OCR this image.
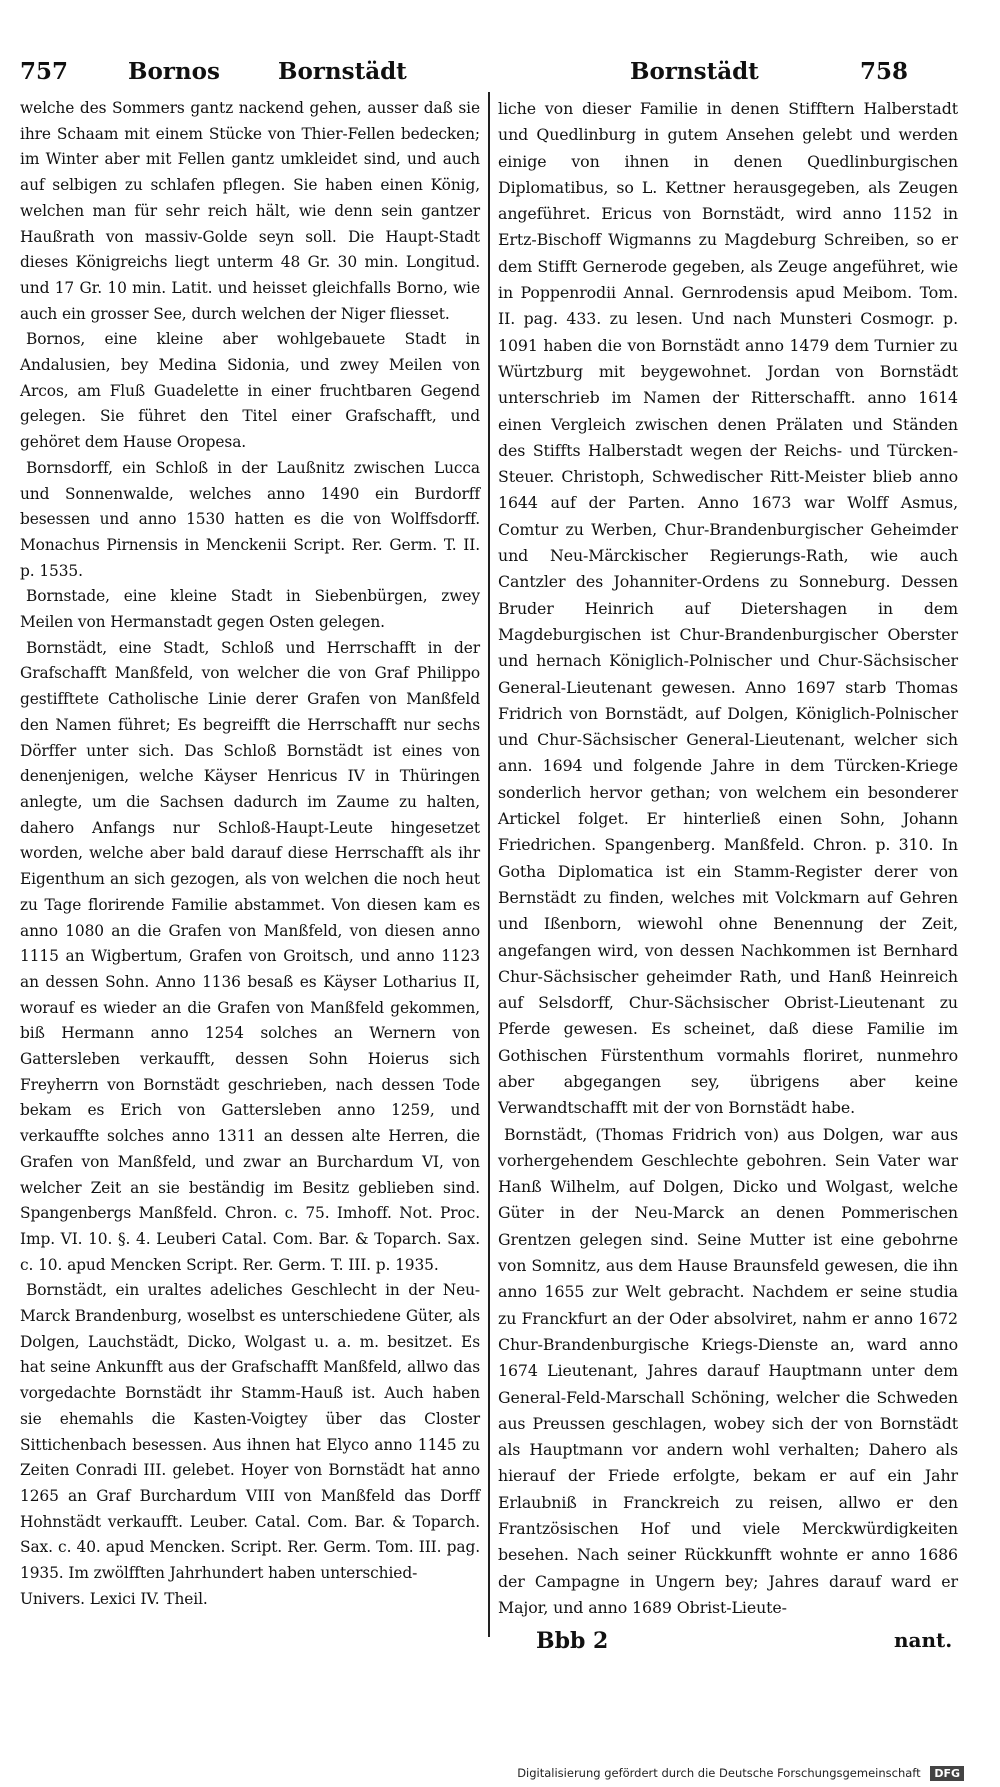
757	Bornos	Bornstädt	Bornstädt	758

welche des Sommers gantz nackend gehen, ausser daß sie ihre Schaam mit einem Stücke von Thier-Fellen bedecken; im Winter aber mit Fellen gantz umkleidet sind, und auch auf selbigen zu schlafen pflegen. Sie haben einen König, welchen man für sehr reich hält, wie denn sein gantzer Haußrath von massiv-Golde seyn soll. Die Haupt-Stadt dieses Königreichs liegt unterm 48 Gr. 30 min. Longitud. und 17 Gr. 10 min. Latit. und heisset gleichfalls Borno, wie auch ein grosser See, durch welchen der Niger fliesset.

Bornos, eine kleine aber wohlgebauete Stadt in Andalusien, bey Medina Sidonia, und zwey Meilen von Arcos, am Fluß Guadelette in einer fruchtbaren Gegend gelegen. Sie führet den Titel einer Grafschafft, und gehöret dem Hause Oropesa.

Bornsdorff, ein Schloß in der Laußnitz zwischen Lucca und Sonnenwalde, welches anno 1490 ein Burdorff besessen und anno 1530 hatten es die von Wolffsdorff. Monachus Pirnensis in Menckenii Script. Rer. Germ. T. II. p. 1535.

Bornstade, eine kleine Stadt in Siebenbürgen, zwey Meilen von Hermanstadt gegen Osten gelegen.

Bornstädt, eine Stadt, Schloß und Herrschafft in der Grafschafft Manßfeld, von welcher die von Graf Philippo gestifftete Catholische Linie derer Grafen von Manßfeld den Namen führet; Es begreifft die Herrschafft nur sechs Dörffer unter sich. Das Schloß Bornstädt ist eines von denenjenigen, welche Käyser Henricus IV in Thüringen anlegte, um die Sachsen dadurch im Zaume zu halten, dahero Anfangs nur Schloß-Haupt-Leute hingesetzet worden, welche aber bald darauf diese Herrschafft als ihr Eigenthum an sich gezogen, als von welchen die noch heut zu Tage florirende Familie abstammet. Von diesen kam es anno 1080 an die Grafen von Manßfeld, von diesen anno 1115 an Wigbertum, Grafen von Groitsch, und anno 1123 an dessen Sohn. Anno 1136 besaß es Käyser Lotharius II, worauf es wieder an die Grafen von Manßfeld gekommen, biß Hermann anno 1254 solches an Wernern von Gattersleben verkaufft, dessen Sohn Hoierus sich Freyherrn von Bornstädt geschrieben, nach dessen Tode bekam es Erich von Gattersleben anno 1259, und verkauffte solches anno 1311 an dessen alte Herren, die Grafen von Manßfeld, und zwar an Burchardum VI, von welcher Zeit an sie beständig im Besitz geblieben sind. Spangenbergs Manßfeld. Chron. c. 75. Imhoff. Not. Proc. Imp. VI. 10. §. 4. Leuberi Catal. Com. Bar. & Toparch. Sax. c. 10. apud Mencken Script. Rer. Germ. T. III. p. 1935.

Bornstädt, ein uraltes adeliches Geschlecht in der Neu-Marck Brandenburg, woselbst es unterschiedene Güter, als Dolgen, Lauchstädt, Dicko, Wolgast u. a. m. besitzet. Es hat seine Ankunfft aus der Grafschafft Manßfeld, allwo das vorgedachte Bornstädt ihr Stamm-Hauß ist. Auch haben sie ehemahls die Kasten-Voigtey über das Closter Sittichenbach besessen. Aus ihnen hat Elyco anno 1145 zu Zeiten Conradi III. gelebet. Hoyer von Bornstädt hat anno 1265 an Graf Burchardum VIII von Manßfeld das Dorff Hohnstädt verkaufft. Leuber. Catal. Com. Bar. & Toparch. Sax. c. 40. apud Mencken. Script. Rer. Germ. Tom. III. pag. 1935. Im zwölfften Jahrhundert haben unterschied-

Univers. Lexici IV. Theil.

liche von dieser Familie in denen Stifftern Halberstadt und Quedlinburg in gutem Ansehen gelebt und werden einige von ihnen in denen Quedlinburgischen Diplomatibus, so L. Kettner herausgegeben, als Zeugen angeführet. Ericus von Bornstädt, wird anno 1152 in Ertz-Bischoff Wigmanns zu Magdeburg Schreiben, so er dem Stifft Gernerode gegeben, als Zeuge angeführet, wie in Poppenrodii Annal. Gernrodensis apud Meibom. Tom. II. pag. 433. zu lesen. Und nach Munsteri Cosmogr. p. 1091 haben die von Bornstädt anno 1479 dem Turnier zu Würtzburg mit beygewohnet. Jordan von Bornstädt unterschrieb im Namen der Ritterschafft. anno 1614 einen Vergleich zwischen denen Prälaten und Ständen des Stiffts Halberstadt wegen der Reichs- und Türcken-Steuer. Christoph, Schwedischer Ritt-Meister blieb anno 1644 auf der Parten. Anno 1673 war Wolff Asmus, Comtur zu Werben, Chur-Brandenburgischer Geheimder und Neu-Märckischer Regierungs-Rath, wie auch Cantzler des Johanniter-Ordens zu Sonneburg. Dessen Bruder Heinrich auf Dietershagen in dem Magdeburgischen ist Chur-Brandenburgischer Oberster und hernach Königlich-Polnischer und Chur-Sächsischer General-Lieutenant gewesen. Anno 1697 starb Thomas Fridrich von Bornstädt, auf Dolgen, Königlich-Polnischer und Chur-Sächsischer General-Lieutenant, welcher sich ann. 1694 und folgende Jahre in dem Türcken-Kriege sonderlich hervor gethan; von welchem ein besonderer Artickel folget. Er hinterließ einen Sohn, Johann Friedrichen. Spangenberg. Manßfeld. Chron. p. 310. In Gotha Diplomatica ist ein Stamm-Register derer von Bernstädt zu finden, welches mit Volckmarn auf Gehren und Ißenborn, wiewohl ohne Benennung der Zeit, angefangen wird, von dessen Nachkommen ist Bernhard Chur-Sächsischer geheimder Rath, und Hanß Heinreich auf Selsdorff, Chur-Sächsischer Obrist-Lieutenant zu Pferde gewesen. Es scheinet, daß diese Familie im Gothischen Fürstenthum vormahls floriret, nunmehro aber abgegangen sey, übrigens aber keine Verwandtschafft mit der von Bornstädt habe.

Bornstädt, (Thomas Fridrich von) aus Dolgen, war aus vorhergehendem Geschlechte gebohren. Sein Vater war Hanß Wilhelm, auf Dolgen, Dicko und Wolgast, welche Güter in der Neu-Marck an denen Pommerischen Grentzen gelegen sind. Seine Mutter ist eine gebohrne von Somnitz, aus dem Hause Braunsfeld gewesen, die ihn anno 1655 zur Welt gebracht. Nachdem er seine studia zu Franckfurt an der Oder absolviret, nahm er anno 1672 Chur-Brandenburgische Kriegs-Dienste an, ward anno 1674 Lieutenant, Jahres darauf Hauptmann unter dem General-Feld-Marschall Schöning, welcher die Schweden aus Preussen geschlagen, wobey sich der von Bornstädt als Hauptmann vor andern wohl verhalten; Dahero als hierauf der Friede erfolgte, bekam er auf ein Jahr Erlaubniß in Franckreich zu reisen, allwo er den Frantzösischen Hof und viele Merckwürdigkeiten besehen. Nach seiner Rückkunfft wohnte er anno 1686 der Campagne in Ungern bey; Jahres darauf ward er Major, und anno 1689 Obrist-Lieute-

Bbb 2	nant.
Digitalisierung gefördert durch die Deutsche Forschungsgemeinschaft DFG
